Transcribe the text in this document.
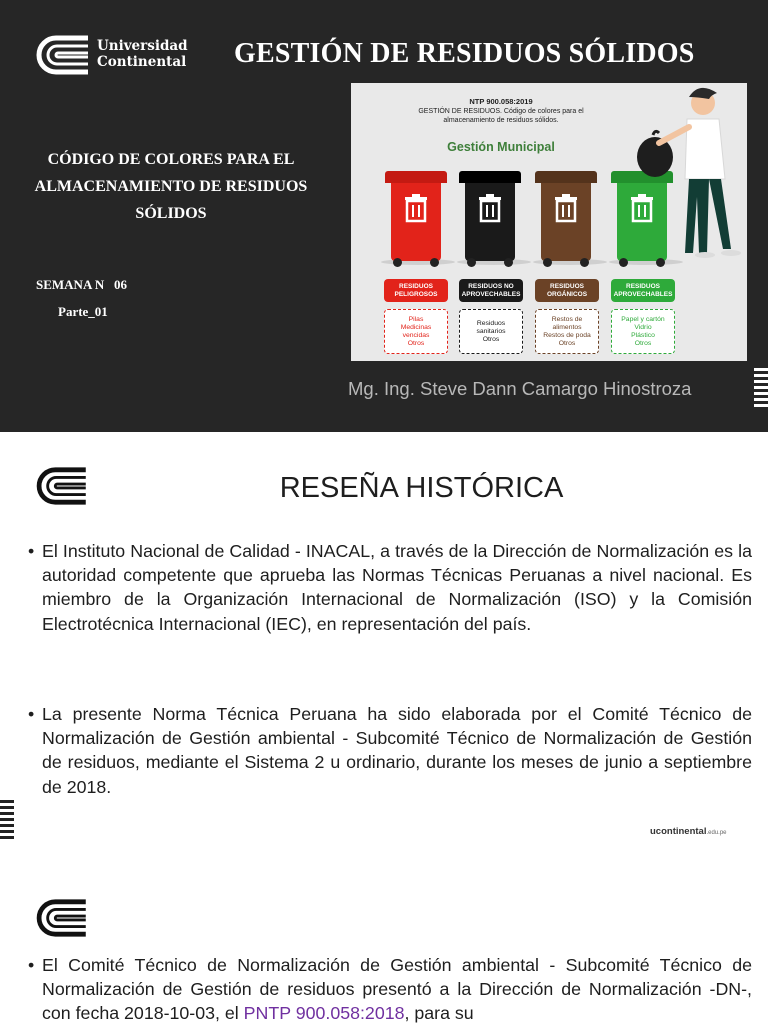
Universidad
Continental GESTIÓN DE RESIDUOS SÓLIDOS
CÓDIGO DE COLORES PARA EL ALMACENAMIENTO DE RESIDUOS SÓLIDOS
SEMANA N   06
Parte_01
NTP 900.058:2019
GESTIÓN DE RESIDUOS. Código de colores para el almacenamiento de residuos sólidos.
Gestión Municipal
RESIDUOS PELIGROSOS
RESIDUOS NO APROVECHABLES
RESIDUOS ORGÁNICOS
RESIDUOS APROVECHABLES
Pilas
Medicinas
vencidas
Otros
Residuos
sanitarios
Otros
Restos de
alimentos
Restos de poda
Otros
Papel y cartón
Vidrio
Plástico
Otros
Mg. Ing. Steve Dann Camargo Hinostroza
RESEÑA HISTÓRICA
• El Instituto Nacional de Calidad - INACAL, a través de la Dirección de Normalización es la autoridad competente que aprueba las Normas Técnicas Peruanas a nivel nacional. Es miembro de la Organización Internacional de Normalización (ISO) y la Comisión Electrotécnica Internacional (IEC), en representación del país.
• La presente Norma Técnica Peruana ha sido elaborada por el Comité Técnico de Normalización de Gestión ambiental - Subcomité Técnico de Normalización de Gestión de residuos, mediante el Sistema 2 u ordinario, durante los meses de junio a septiembre de 2018.
ucontinental.edu.pe
• El Comité Técnico de Normalización de Gestión ambiental - Subcomité Técnico de Normalización de Gestión de residuos presentó a la Dirección de Normalización -DN-, con fecha 2018-10-03, el PNTP 900.058:2018, para su
